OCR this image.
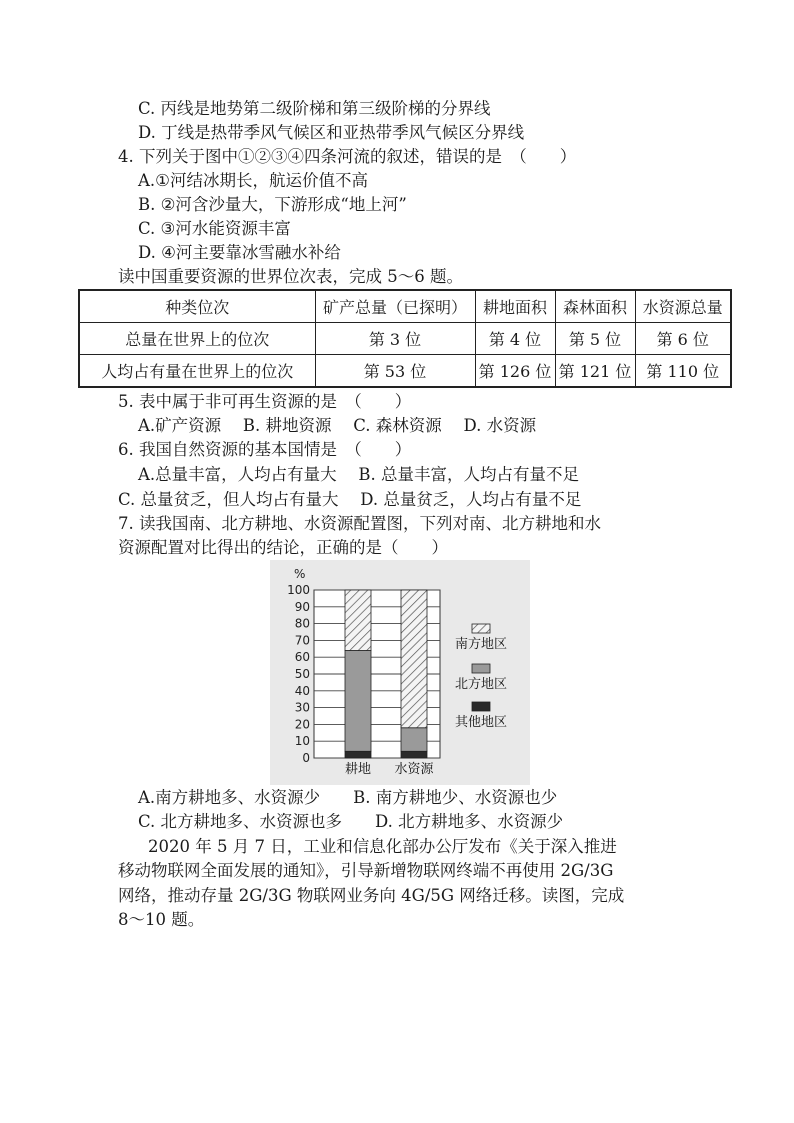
C. 丙线是地势第二级阶梯和第三级阶梯的分界线
D. 丁线是热带季风气候区和亚热带季风气候区分界线
4. 下列关于图中①②③④四条河流的叙述，错误的是　（　　）
A.①河结冰期长，航运价值不高
B. ②河含沙量大，下游形成“地上河”
C. ③河水能资源丰富
D. ④河主要靠冰雪融水补给
读中国重要资源的世界位次表，完成 5～6 题。
种类位次	矿产总量（已探明）	耕地面积	森林面积	水资源总量
总量在世界上的位次	第 3 位	第 4 位	第 5 位	第 6 位
人均占有量在世界上的位次	第 53 位	第 126 位	第 121 位	第 110 位
5. 表中属于非可再生资源的是　（　　）
A.矿产资源　 B. 耕地资源　 C. 森林资源　 D. 水资源
6. 我国自然资源的基本国情是　（　　）
A.总量丰富，人均占有量大　 B. 总量丰富，人均占有量不足
C. 总量贫乏，但人均占有量大　 D. 总量贫乏，人均占有量不足
7. 读我国南、北方耕地、水资源配置图，下列对南、北方耕地和水
资源配置对比得出的结论，正确的是（　　）
0
10
20
30
40
50
60
70
80
90
100
%
耕地 水资源
南方地区
北方地区
其他地区
A.南方耕地多、水资源少　　B. 南方耕地少、水资源也少
C. 北方耕地多、水资源也多　　D. 北方耕地多、水资源少
2020 年 5 月 7 日，工业和信息化部办公厅发布《关于深入推进
移动物联网全面发展的通知》，引导新增物联网终端不再使用 2G/3G
网络，推动存量 2G/3G 物联网业务向 4G/5G 网络迁移。读图，完成
8～10 题。
